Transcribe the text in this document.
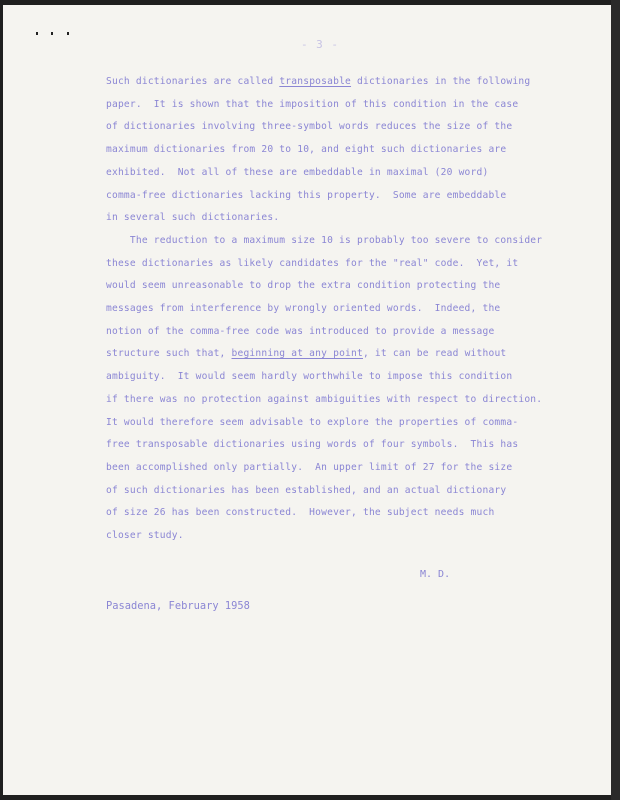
- 3 -
Such dictionaries are called transposable dictionaries in the following
paper.  It is shown that the imposition of this condition in the case
of dictionaries involving three-symbol words reduces the size of the
maximum dictionaries from 20 to 10, and eight such dictionaries are
exhibited.  Not all of these are embeddable in maximal (20 word)
comma-free dictionaries lacking this property.  Some are embeddable
in several such dictionaries.
The reduction to a maximum size 10 is probably too severe to consider
these dictionaries as likely candidates for the "real" code.  Yet, it
would seem unreasonable to drop the extra condition protecting the
messages from interference by wrongly oriented words.  Indeed, the
notion of the comma-free code was introduced to provide a message
structure such that, beginning at any point, it can be read without
ambiguity.  It would seem hardly worthwhile to impose this condition
if there was no protection against ambiguities with respect to direction.
It would therefore seem advisable to explore the properties of comma-
free transposable dictionaries using words of four symbols.  This has
been accomplished only partially.  An upper limit of 27 for the size
of such dictionaries has been established, and an actual dictionary
of size 26 has been constructed.  However, the subject needs much
closer study.
M. D.
Pasadena, February 1958
